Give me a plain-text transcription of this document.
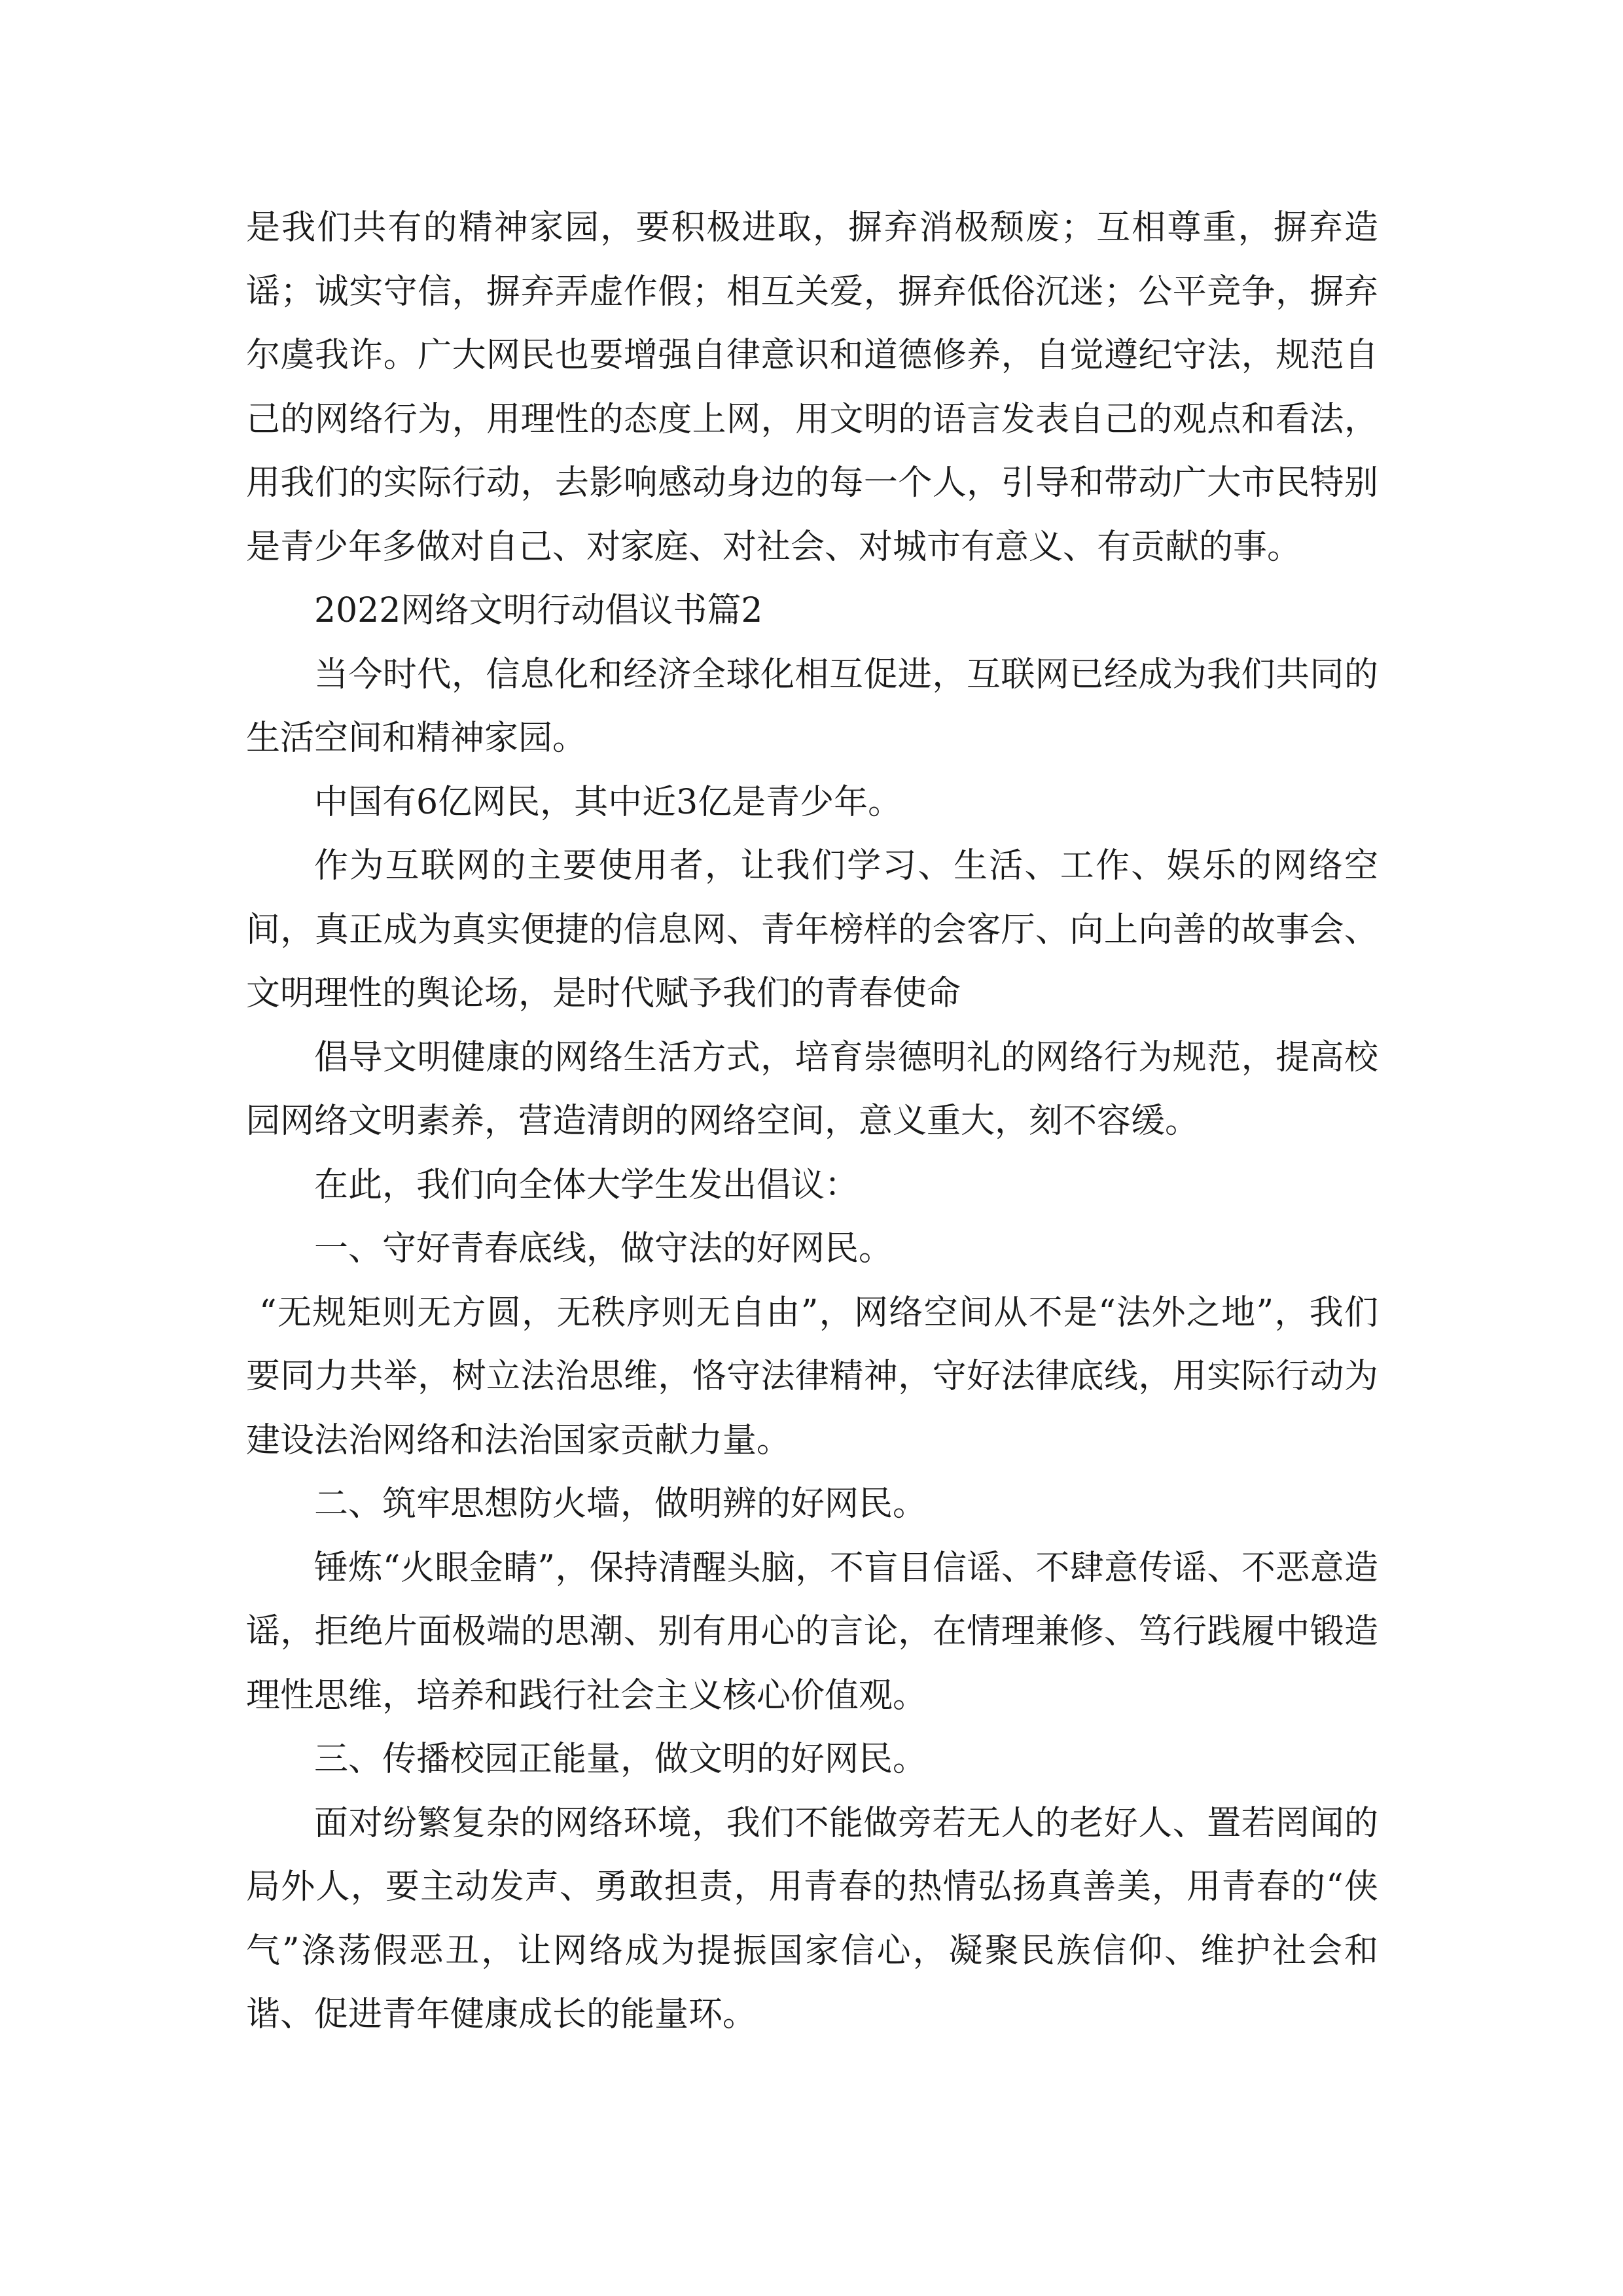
是我们共有的精神家园，要积极进取，摒弃消极颓废；互相尊重，摒弃造谣；诚实守信，摒弃弄虚作假；相互关爱，摒弃低俗沉迷；公平竞争，摒弃尔虞我诈。广大网民也要增强自律意识和道德修养，自觉遵纪守法，规范自己的网络行为，用理性的态度上网，用文明的语言发表自己的观点和看法，用我们的实际行动，去影响感动身边的每一个人，引导和带动广大市民特别是青少年多做对自己、对家庭、对社会、对城市有意义、有贡献的事。

2022网络文明行动倡议书篇2

当今时代，信息化和经济全球化相互促进，互联网已经成为我们共同的生活空间和精神家园。

中国有6亿网民，其中近3亿是青少年。

作为互联网的主要使用者，让我们学习、生活、工作、娱乐的网络空间，真正成为真实便捷的信息网、青年榜样的会客厅、向上向善的故事会、文明理性的舆论场，是时代赋予我们的青春使命

倡导文明健康的网络生活方式，培育崇德明礼的网络行为规范，提高校园网络文明素养，营造清朗的网络空间，意义重大，刻不容缓。

在此，我们向全体大学生发出倡议：

一、守好青春底线，做守法的好网民。

“无规矩则无方圆，无秩序则无自由”，网络空间从不是“法外之地”，我们要同力共举，树立法治思维，恪守法律精神，守好法律底线，用实际行动为建设法治网络和法治国家贡献力量。

二、筑牢思想防火墙，做明辨的好网民。

锤炼“火眼金睛”，保持清醒头脑，不盲目信谣、不肆意传谣、不恶意造谣，拒绝片面极端的思潮、别有用心的言论，在情理兼修、笃行践履中锻造理性思维，培养和践行社会主义核心价值观。

三、传播校园正能量，做文明的好网民。

面对纷繁复杂的网络环境，我们不能做旁若无人的老好人、置若罔闻的局外人，要主动发声、勇敢担责，用青春的热情弘扬真善美，用青春的“侠气”涤荡假恶丑，让网络成为提振国家信心，凝聚民族信仰、维护社会和谐、促进青年健康成长的能量环。
